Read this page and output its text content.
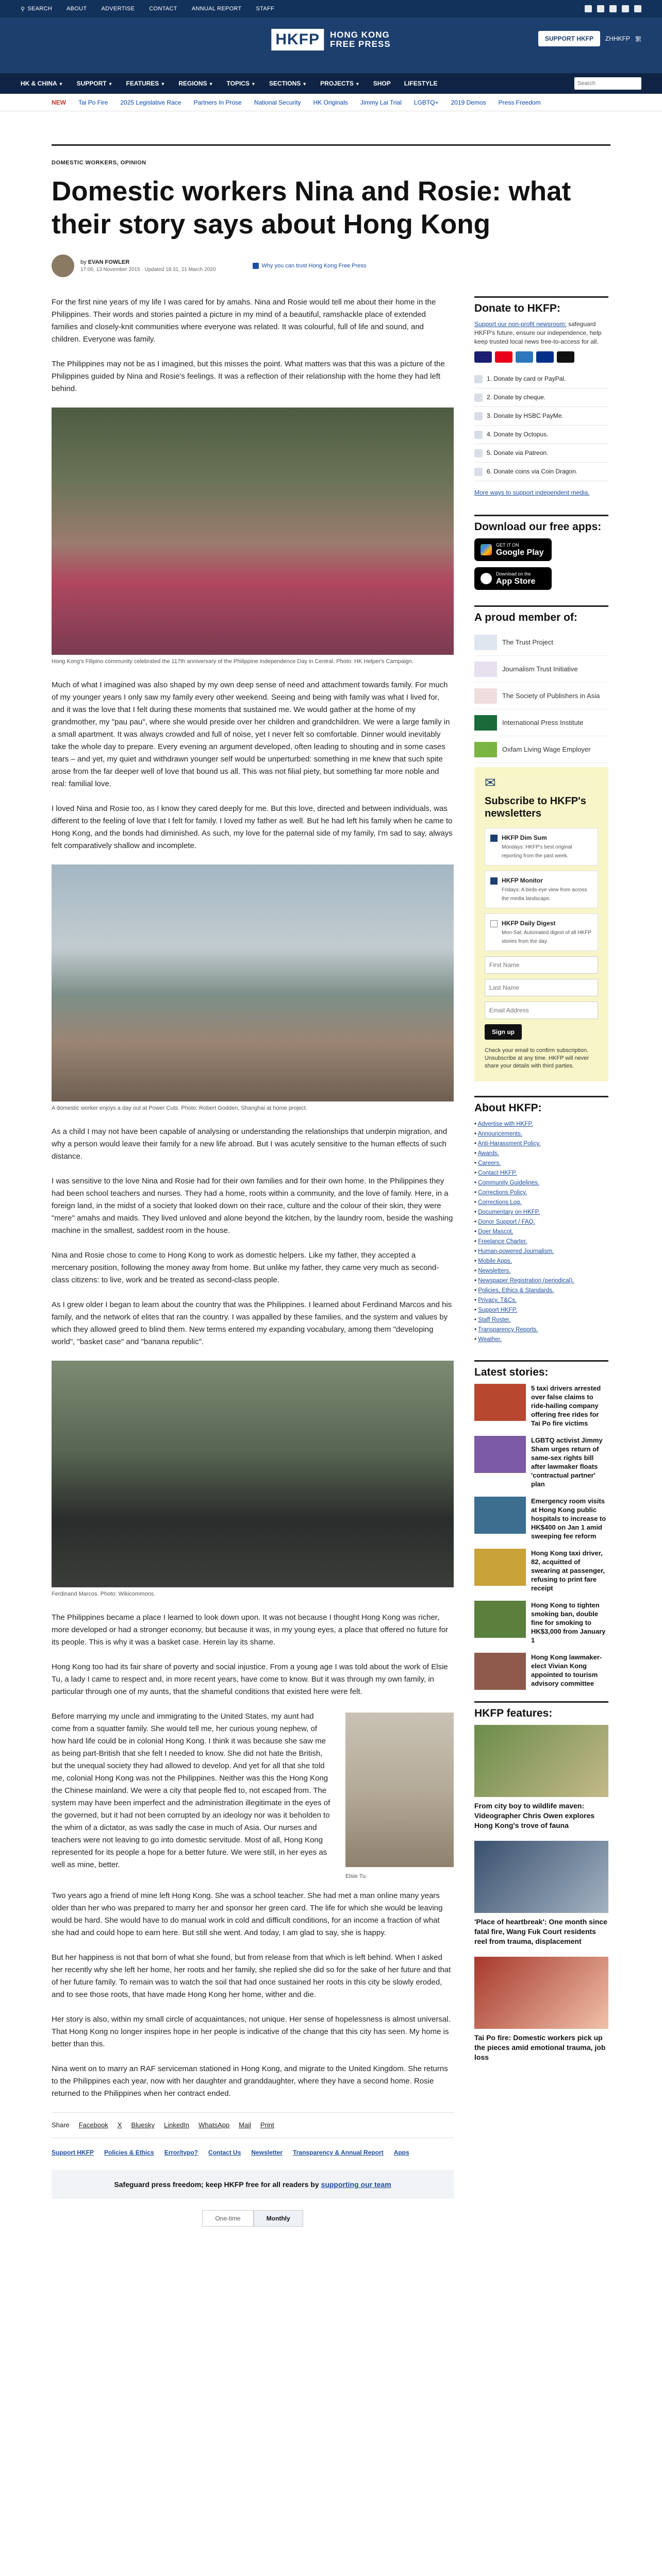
⚲ SEARCH	ABOUT	ADVERTISE	CONTACT	ANNUAL REPORT	STAFF
HKFP	HONG KONG
FREE PRESS
SUPPORT HKFP	ZHHKFP 繁
HK & CHINA ▼ SUPPORT ▼ FEATURES ▼ REGIONS ▼ TOPICS ▼ SECTIONS ▼ PROJECTS ▼ SHOP LIFESTYLE
SEARCH
NEW Tai Po Fire 2025 Legislative Race Partners In Prose National Security HK Originals Jimmy Lai Trial LGBTQ+ 2019 Demos Press Freedom
DOMESTIC WORKERS, OPINION
Domestic workers Nina and Rosie: what their story says about Hong Kong
by EVAN FOWLER
17:00, 13 November 2015 · Updated 18:31, 21 March 2020
Why you can trust Hong Kong Free Press

For the first nine years of my life I was cared for by amahs. Nina and Rosie would tell me about their home in the Philippines. Their words and stories painted a picture in my mind of a beautiful, ramshackle place of extended families and closely-knit communities where everyone was related. It was colourful, full of life and sound, and children. Everyone was family.

The Philippines may not be as I imagined, but this misses the point. What matters was that this was a picture of the Philippines guided by Nina and Rosie's feelings. It was a reflection of their relationship with the home they had left behind.

Hong Kong's Filipino community celebrated the 117th anniversary of the Philippine Independence Day in Central. Photo: HK Helper's Campaign.

Much of what I imagined was also shaped by my own deep sense of need and attachment towards family. For much of my younger years I only saw my family every other weekend. Seeing and being with family was what I lived for, and it was the love that I felt during these moments that sustained me. We would gather at the home of my grandmother, my "pau pau", where she would preside over her children and grandchildren. We were a large family in a small apartment. It was always crowded and full of noise, yet I never felt so comfortable. Dinner would inevitably take the whole day to prepare. Every evening an argument developed, often leading to shouting and in some cases tears – and yet, my quiet and withdrawn younger self would be unperturbed: something in me knew that such spite arose from the far deeper well of love that bound us all. This was not filial piety, but something far more noble and real: familial love.

I loved Nina and Rosie too, as I know they cared deeply for me. But this love, directed and between individuals, was different to the feeling of love that I felt for family. I loved my father as well. But he had left his family when he came to Hong Kong, and the bonds had diminished. As such, my love for the paternal side of my family, I'm sad to say, always felt comparatively shallow and incomplete.

A domestic worker enjoys a day out at Power Cuts. Photo: Robert Godden, Shanghai at home project.

As a child I may not have been capable of analysing or understanding the relationships that underpin migration, and why a person would leave their family for a new life abroad. But I was acutely sensitive to the human effects of such distance.

I was sensitive to the love Nina and Rosie had for their own families and for their own home. In the Philippines they had been school teachers and nurses. They had a home, roots within a community, and the love of family. Here, in a foreign land, in the midst of a society that looked down on their race, culture and the colour of their skin, they were "mere" amahs and maids. They lived unloved and alone beyond the kitchen, by the laundry room, beside the washing machine in the smallest, saddest room in the house.

Nina and Rosie chose to come to Hong Kong to work as domestic helpers. Like my father, they accepted a mercenary position, following the money away from home. But unlike my father, they came very much as second-class citizens: to live, work and be treated as second-class people.

As I grew older I began to learn about the country that was the Philippines. I learned about Ferdinand Marcos and his family, and the network of elites that ran the country. I was appalled by these families, and the system and values by which they allowed greed to blind them. New terms entered my expanding vocabulary, among them "developing world", "basket case" and "banana republic".

Ferdinand Marcos. Photo: Wikicommons.

The Philippines became a place I learned to look down upon. It was not because I thought Hong Kong was richer, more developed or had a stronger economy, but because it was, in my young eyes, a place that offered no future for its people. This is why it was a basket case. Herein lay its shame.

Hong Kong too had its fair share of poverty and social injustice. From a young age I was told about the work of Elsie Tu, a lady I came to respect and, in more recent years, have come to know. But it was through my own family, in particular through one of my aunts, that the shameful conditions that existed here were felt.

Elsie Tu.

Before marrying my uncle and immigrating to the United States, my aunt had come from a squatter family. She would tell me, her curious young nephew, of how hard life could be in colonial Hong Kong. I think it was because she saw me as being part-British that she felt I needed to know. She did not hate the British, but the unequal society they had allowed to develop. And yet for all that she told me, colonial Hong Kong was not the Philippines. Neither was this the Hong Kong the Chinese mainland. We were a city that people fled to, not escaped from. The system may have been imperfect and the administration illegitimate in the eyes of the governed, but it had not been corrupted by an ideology nor was it beholden to the whim of a dictator, as was sadly the case in much of Asia. Our nurses and teachers were not leaving to go into domestic servitude. Most of all, Hong Kong represented for its people a hope for a better future. We were still, in her eyes as well as mine, better.

Two years ago a friend of mine left Hong Kong. She was a school teacher. She had met a man online many years older than her who was prepared to marry her and sponsor her green card. The life for which she would be leaving would be hard. She would have to do manual work in cold and difficult conditions, for an income a fraction of what she had and could hope to earn here. But still she went. And today, I am glad to say, she is happy.

But her happiness is not that born of what she found, but from release from that which is left behind. When I asked her recently why she left her home, her roots and her family, she replied she did so for the sake of her future and that of her future family. To remain was to watch the soil that had once sustained her roots in this city be slowly eroded, and to see those roots, that have made Hong Kong her home, wither and die.

Her story is also, within my small circle of acquaintances, not unique. Her sense of hopelessness is almost universal. That Hong Kong no longer inspires hope in her people is indicative of the change that this city has seen. My home is better than this.

Nina went on to marry an RAF serviceman stationed in Hong Kong, and migrate to the United Kingdom. She returns to the Philippines each year, now with her daughter and granddaughter, where they have a second home. Rosie returned to the Philippines when her contract ended.

Share Facebook X Bluesky LinkedIn WhatsApp Mail Print
Support HKFP Policies & Ethics Error/typo? Contact Us Newsletter Transparency & Annual Report Apps
Safeguard press freedom; keep HKFP free for all readers by supporting our team
One-time	Monthly
Donate to HKFP:
Support our non-profit newsroom: safeguard HKFP's future, ensure our independence, help keep trusted local news free-to-access for all.
1. Donate by card or PayPal.
2. Donate by cheque.
3. Donate by HSBC PayMe.
4. Donate by Octopus.
5. Donate via Patreon.
6. Donate coins via Coin Dragon.
More ways to support independent media.
Download our free apps:
GET IT ON
Google Play
Download on the
App Store
A proud member of:
The Trust Project
Journalism Trust Initiative
The Society of Publishers in Asia
International Press Institute
Oxfam Living Wage Employer
✉
Subscribe to HKFP's newsletters
HKFP Dim Sum
Mondays: HKFP's best original reporting from the past week.
HKFP Monitor
Fridays: A birds-eye view from across the media landscape.
HKFP Daily Digest
Mon-Sat: Automated digest of all HKFP stories from the day.
First Name Last Name Email Address Sign up
Check your email to confirm subscription. Unsubscribe at any time. HKFP will never share your details with third parties.
About HKFP:
• Advertise with HKFP.
• Announcements.
• Anti-Harassment Policy.
• Awards.
• Careers.
• Contact HKFP.
• Community Guidelines.
• Corrections Policy.
• Corrections Log.
• Documentary on HKFP.
• Donor Support / FAQ.
• Doer Mascot.
• Freelance Charter.
• Human-powered Journalism.
• Mobile Apps.
• Newsletters.
• Newspaper Registration (periodical).
• Policies, Ethics & Standards.
• Privacy, T&Cs.
• Support HKFP.
• Staff Roster.
• Transparency Reports.
• Weather.
Latest stories:
5 taxi drivers arrested over false claims to ride-hailing company offering free rides for Tai Po fire victims
LGBTQ activist Jimmy Sham urges return of same-sex rights bill after lawmaker floats 'contractual partner' plan
Emergency room visits at Hong Kong public hospitals to increase to HK$400 on Jan 1 amid sweeping fee reform
Hong Kong taxi driver, 82, acquitted of swearing at passenger, refusing to print fare receipt
Hong Kong to tighten smoking ban, double fine for smoking to HK$3,000 from January 1
Hong Kong lawmaker-elect Vivian Kong appointed to tourism advisory committee
HKFP features:
From city boy to wildlife maven: Videographer Chris Owen explores Hong Kong's trove of fauna
'Place of heartbreak': One month since fatal fire, Wang Fuk Court residents reel from trauma, displacement
Tai Po fire: Domestic workers pick up the pieces amid emotional trauma, job loss
